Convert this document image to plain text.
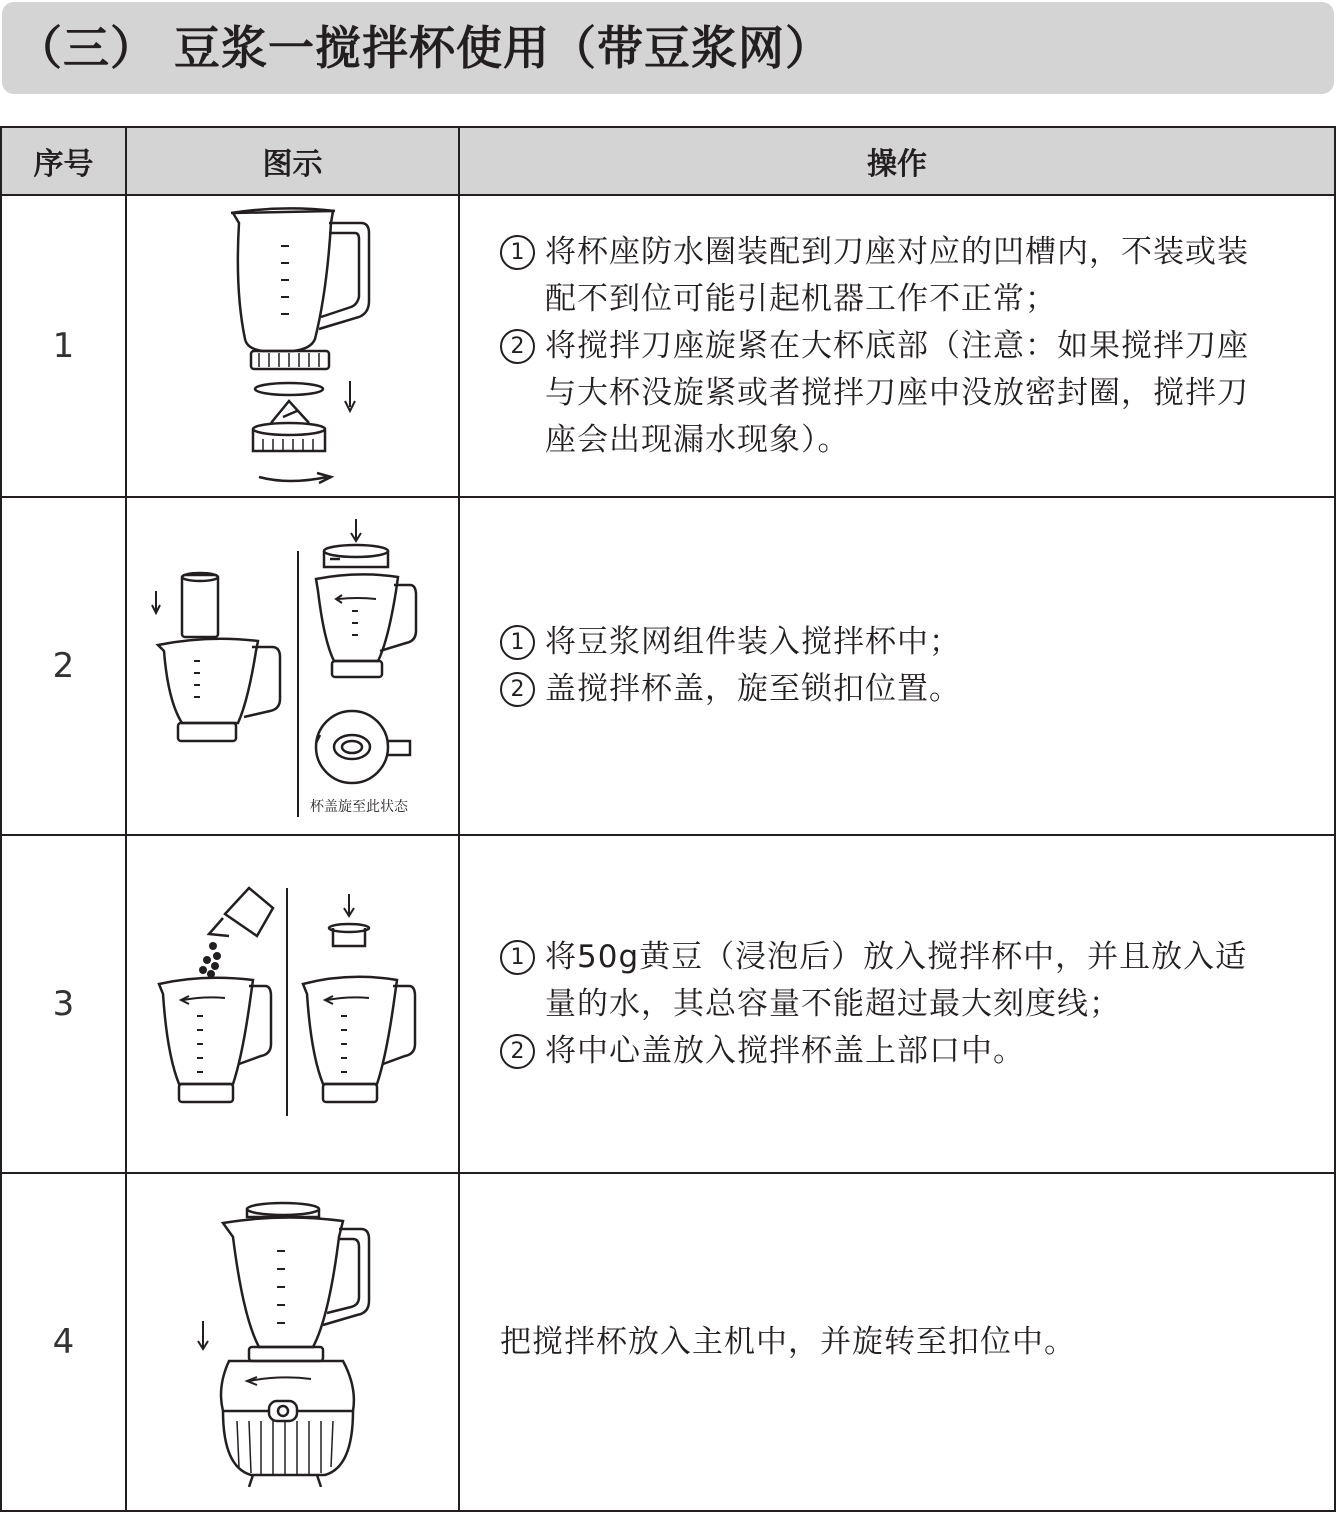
（三） 豆浆一搅拌杯使用（带豆浆网）
序号	图示	操作
1		1 将杯座防水圈装配到刀座对应的凹槽内，不装或装配不到位可能引起机器工作不正常；
2 将搅拌刀座旋紧在大杯底部（注意：如果搅拌刀座与大杯没旋紧或者搅拌刀座中没放密封圈，搅拌刀座会出现漏水现象）。

2	杯盖旋至此状态	1 将豆浆网组件装入搅拌杯中；
2 盖搅拌杯盖，旋至锁扣位置。

3		1 将50g黄豆（浸泡后）放入搅拌杯中，并且放入适量的水，其总容量不能超过最大刻度线；
2 将中心盖放入搅拌杯盖上部口中。

4		把搅拌杯放入主机中，并旋转至扣位中。
